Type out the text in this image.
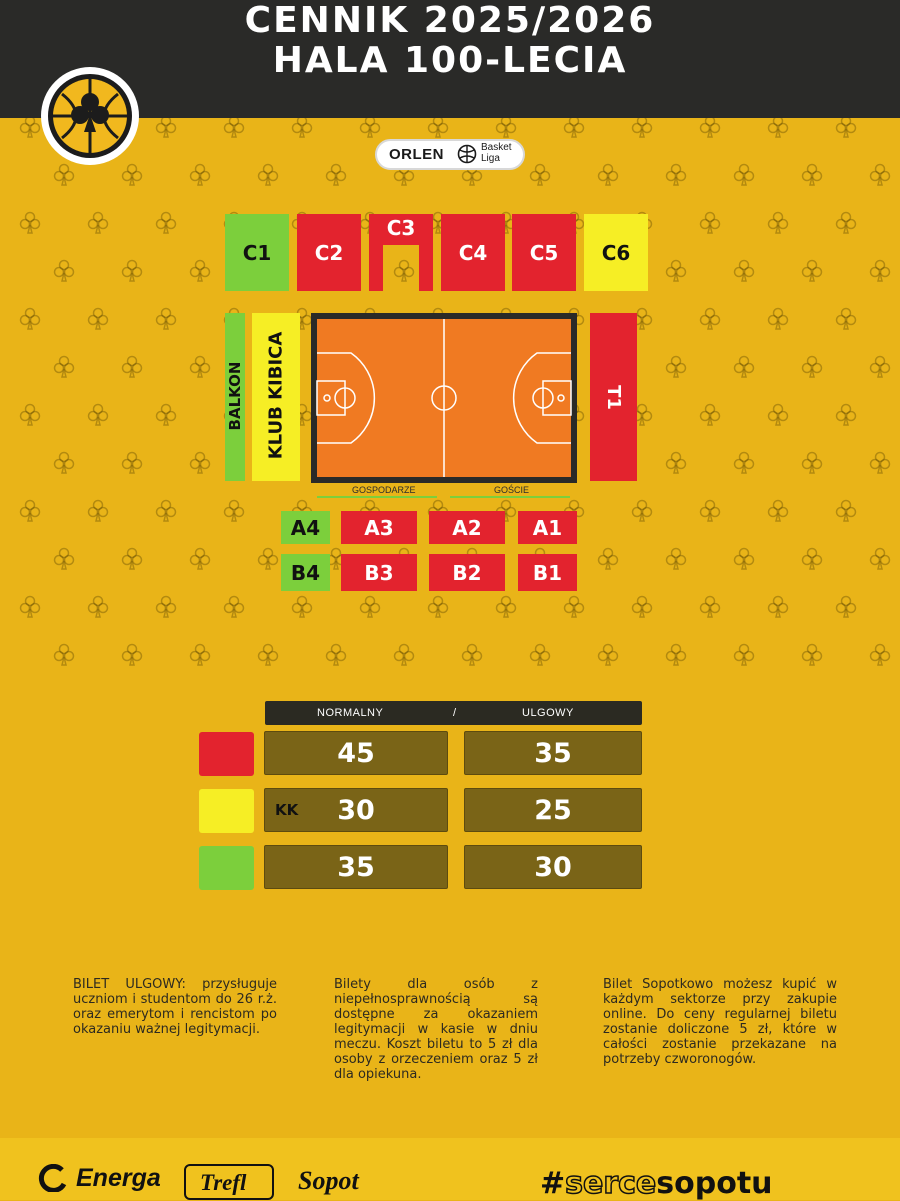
CENNIK 2025/2026
HALA 100-LECIA
ORLEN	Basket
Liga
C1	C2
C3
C4	C5	C6
BALKON KLUB KIBICA	T1
GOSPODARZE	GOŚCIE
A4	A3	A2	A1
B4	B3	B2	B1
NORMALNY	/	ULGOWY
45	35
KK 30	25
35	30
BILET ULGOWY: przysługuje uczniom i studentom do 26 r.ż. oraz emerytom i rencistom po okazaniu ważnej legitymacji.
Bilety dla osób z niepełnosprawnością są dostępne za okazaniem legitymacji w kasie w dniu meczu. Koszt biletu to 5 zł dla osoby z orzeczeniem oraz 5 zł dla opiekuna.
Bilet Sopotkowo możesz kupić w każdym sektorze przy zakupie online. Do ceny regularnej biletu zostanie doliczone 5 zł, które w całości zostanie przekazane na potrzeby czworonogów.
Energa Trefl Sopot	#sercesopotu
